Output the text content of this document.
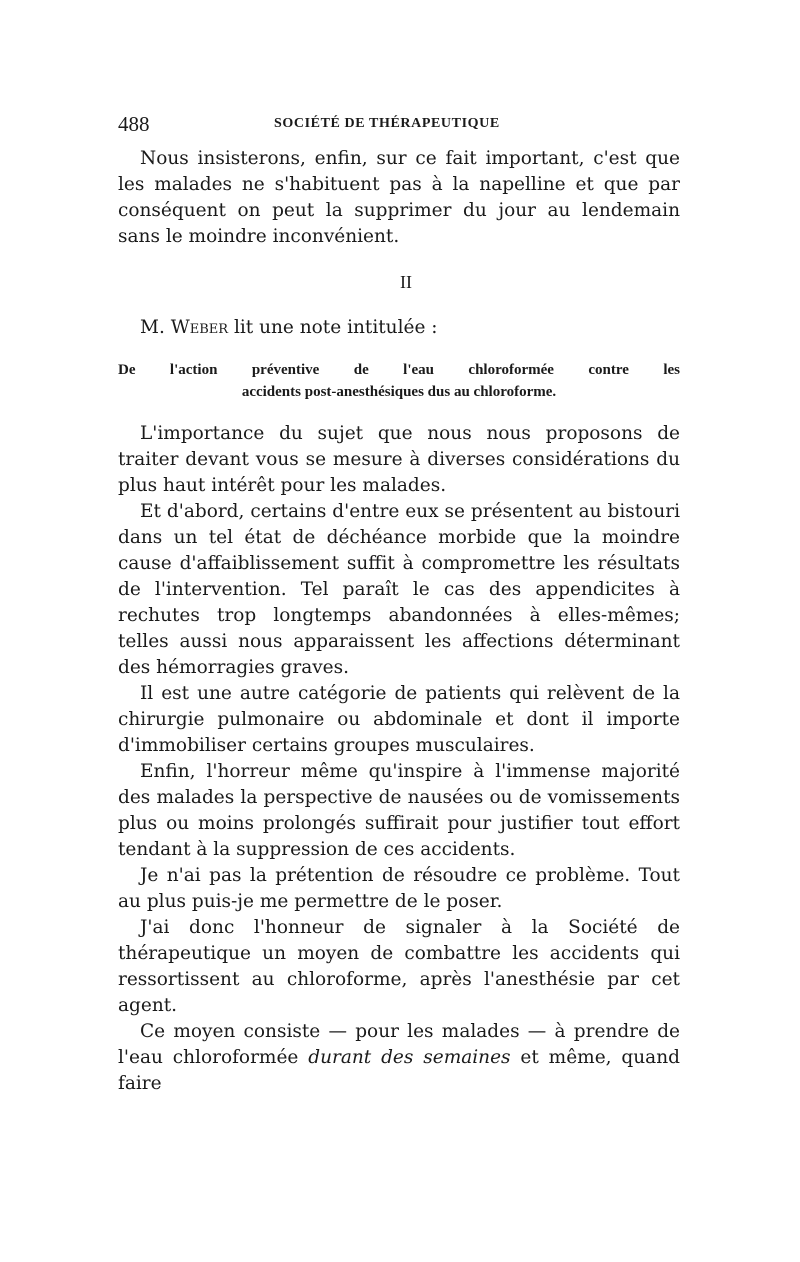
488	SOCIÉTÉ DE THÉRAPEUTIQUE

Nous insisterons, enfin, sur ce fait important, c'est que les malades ne s'habituent pas à la napelline et que par conséquent on peut la supprimer du jour au lendemain sans le moindre inconvénient.

II
M. Weber lit une note intitulée :
De l'action préventive de l'eau chloroformée contre les
accidents post-anesthésiques dus au chloroforme.

L'importance du sujet que nous nous proposons de traiter devant vous se mesure à diverses considérations du plus haut intérêt pour les malades.

Et d'abord, certains d'entre eux se présentent au bistouri dans un tel état de déchéance morbide que la moindre cause d'affaiblissement suffit à compromettre les résultats de l'intervention. Tel paraît le cas des appendicites à rechutes trop longtemps abandonnées à elles-mêmes; telles aussi nous apparaissent les affections déterminant des hémorragies graves.

Il est une autre catégorie de patients qui relèvent de la chirurgie pulmonaire ou abdominale et dont il importe d'immobiliser certains groupes musculaires.

Enfin, l'horreur même qu'inspire à l'immense majorité des malades la perspective de nausées ou de vomissements plus ou moins prolongés suffirait pour justifier tout effort tendant à la suppression de ces accidents.

Je n'ai pas la prétention de résoudre ce problème. Tout au plus puis-je me permettre de le poser.

J'ai donc l'honneur de signaler à la Société de thérapeutique un moyen de combattre les accidents qui ressortissent au chloroforme, après l'anesthésie par cet agent.

Ce moyen consiste — pour les malades — à prendre de l'eau chloroformée durant des semaines et même, quand faire
